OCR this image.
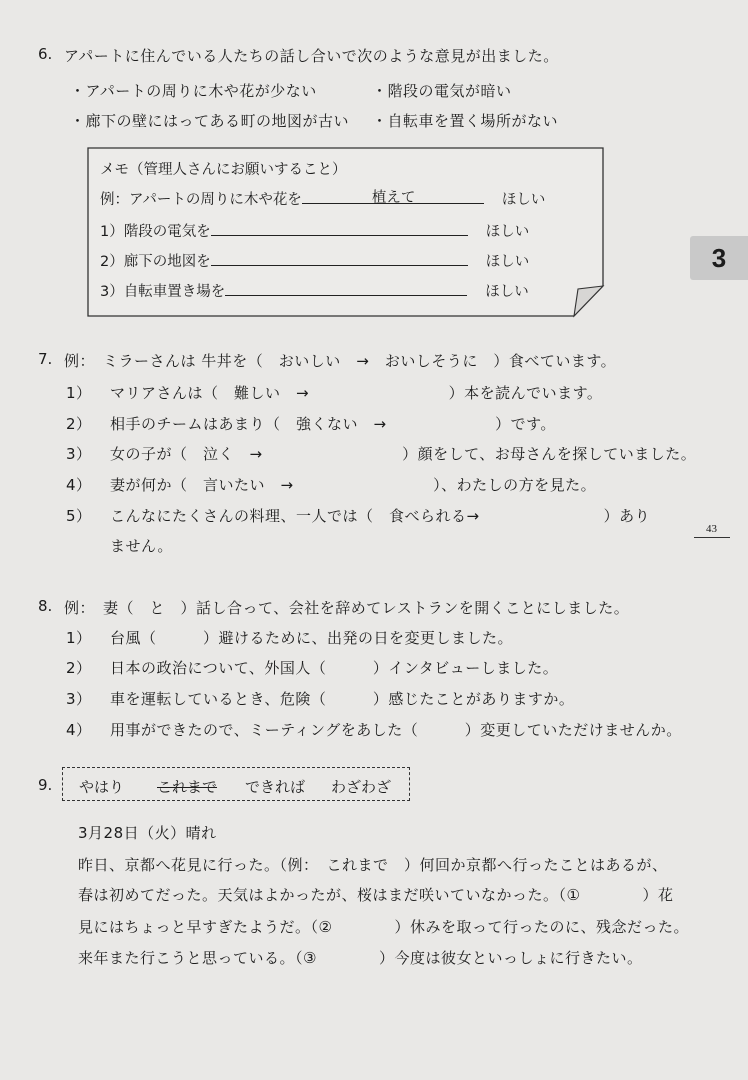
3
43
6. アパートに住んでいる人たちの話し合いで次のような意見が出ました。
・アパートの周りに木や花が少ない	・階段の電気が暗い
・廊下の壁にはってある町の地図が古い ・自転車を置く場所がない
メモ（管理人さんにお願いすること）
例：アパートの周りに木や花を	植えて	ほしい
1）階段の電気を	ほしい
2）廊下の地図を	ほしい
3）自転車置き場を	ほしい
7. 例：　ミラーさんは 牛丼を（　おいしい　→　おいしそうに　）食べています。
1） マリアさんは（　難しい　→　　　　　　　　　）本を読んでいます。
2） 相手のチームはあまり（　強くない　→　　　　　　　）です。
3） 女の子が（　泣く　→　　　　　　　　　）顔をして、お母さんを探していました。
4） 妻が何か（　言いたい　→　　　　　　　　　）、わたしの方を見た。
5） こんなにたくさんの料理、一人では（　食べられる→　　　　　　　　）あり
ません。
8. 例：　妻（　と　）話し合って、会社を辞めてレストランを開くことにしました。
1） 台風（　　　）避けるために、出発の日を変更しました。
2） 日本の政治について、外国人（　　　）インタビューしました。
3） 車を運転しているとき、危険（　　　）感じたことがありますか。
4） 用事ができたので、ミーティングをあした（　　　）変更していただけませんか。
9. やはり これまで できれば わざわざ
3月28日（火）晴れ
昨日、京都へ花見に行った。（例：　これまで　）何回か京都へ行ったことはあるが、
春は初めてだった。天気はよかったが、桜はまだ咲いていなかった。（①　　　　）花
見にはちょっと早すぎたようだ。（②　　　　）休みを取って行ったのに、残念だった。
来年また行こうと思っている。（③　　　　）今度は彼女といっしょに行きたい。
